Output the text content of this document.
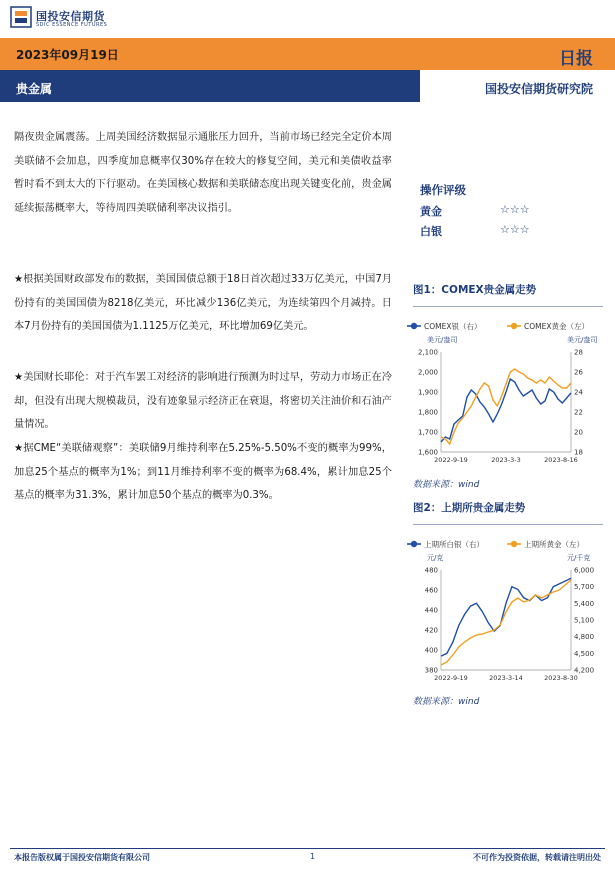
国投安信期货
SDIC ESSENCE FUTURES
2023年09月19日	日报
贵金属	国投安信期货研究院

隔夜贵金属震荡。上周美国经济数据显示通胀压力回升，当前市场已经完全定价本周美联储不会加息，四季度加息概率仅30%存在较大的修复空间，美元和美债收益率暂时看不到太大的下行驱动。在美国核心数据和美联储态度出现关键变化前，贵金属延续振荡概率大，等待周四美联储利率决议指引。

★根据美国财政部发布的数据，美国国债总额于18日首次超过33万亿美元，中国7月份持有的美国国债为8218亿美元，环比减少136亿美元，为连续第四个月减持。日本7月份持有的美国国债为1.1125万亿美元，环比增加69亿美元。

★美国财长耶伦：对于汽车罢工对经济的影响进行预测为时过早，劳动力市场正在冷却，但没有出现大规模裁员，没有迹象显示经济正在衰退，将密切关注油价和石油产量情况。

★据CME“美联储观察”：美联储9月维持利率在5.25%-5.50%不变的概率为99%，加息25个基点的概率为1%；到11月维持利率不变的概率为68.4%，累计加息25个基点的概率为31.3%，累计加息50个基点的概率为0.3%。

操作评级
黄金	☆☆☆
白银	☆☆☆
图1：COMEX贵金属走势
COMEX银（右）	COMEX黄金（左）
美元/盎司	美元/盎司
1,600
1,700
1,800
1,900
2,000
2,100
18
20
22
24
26
28
2022-9-19	2023-3-3	2023-8-16
数据来源：wind
图2：上期所贵金属走势
上期所白银（右）	上期所黄金（左）
元/克	元/千克
380
400
420
440
460
480
4,200
4,500
4,800
5,100
5,400
5,700
6,000
2022-9-19	2023-3-14	2023-8-30
数据来源：wind
本报告版权属于国投安信期货有限公司	1	不可作为投资依据，转载请注明出处
